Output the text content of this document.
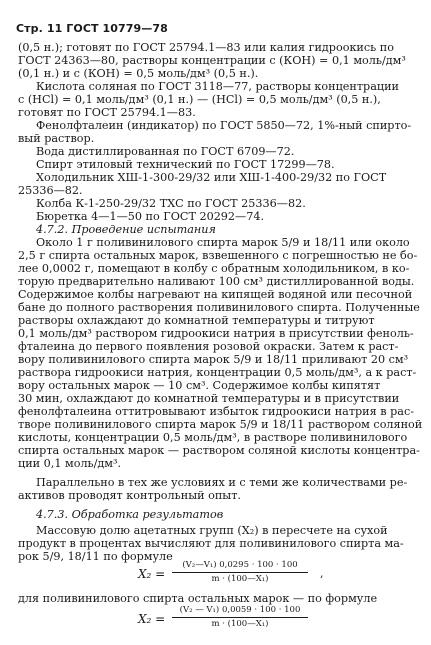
Стр. 11 ГОСТ 10779—78
(0,5 н.); готовят по ГОСТ 25794.1—83 или калия гидроокись по
ГОСТ 24363—80, растворы концентрации c (КОН) = 0,1 моль/дм³
(0,1 н.) и c (КОН) = 0,5 моль/дм³ (0,5 н.).
Кислота соляная по ГОСТ 3118—77, растворы концентрации
c (HCl) = 0,1 моль/дм³ (0,1 н.) — (HCl) = 0,5 моль/дм³ (0,5 н.),
готовят по ГОСТ 25794.1—83.
Фенолфталеин (индикатор) по ГОСТ 5850—72, 1%-ный спирто-
вый раствор.
Вода дистиллированная по ГОСТ 6709—72.
Спирт этиловый технический по ГОСТ 17299—78.
Холодильник ХШ-1-300-29/32 или ХШ-1-400-29/32 по ГОСТ
25336—82.
Колба К-1-250-29/32 ТХС по ГОСТ 25336—82.
Бюретка 4—1—50 по ГОСТ 20292—74.
4.7.2. Проведение испытания
Около 1 г поливинилового спирта марок 5/9 и 18/11 или около
2,5 г спирта остальных марок, взвешенного с погрешностью не бо-
лее 0,0002 г, помещают в колбу с обратным холодильником, в ко-
торую предварительно наливают 100 см³ дистиллированной воды.
Содержимое колбы нагревают на кипящей водяной или песочной
бане до полного растворения поливинилового спирта. Полученные
растворы охлаждают до комнатной температуры и титруют
0,1 моль/дм³ раствором гидроокиси натрия в присутствии феноль-
фталеина до первого появления розовой окраски. Затем к раст-
вору поливинилового спирта марок 5/9 и 18/11 приливают 20 см³
раствора гидроокиси натрия, концентрации 0,5 моль/дм³, а к раст-
вору остальных марок — 10 см³. Содержимое колбы кипятят
30 мин, охлаждают до комнатной температуры и в присутствии
фенолфталеина оттитровывают избыток гидроокиси натрия в рас-
творе поливинилового спирта марок 5/9 и 18/11 раствором соляной
кислоты, концентрации 0,5 моль/дм³, в растворе поливинилового
спирта остальных марок — раствором соляной кислоты концентра-
ции 0,1 моль/дм³.
Параллельно в тех же условиях и с теми же количествами ре-
активов проводят контрольный опыт.
4.7.3. Обработка результатов
Массовую долю ацетатных групп (X₂) в пересчете на сухой
продукт в процентах вычисляют для поливинилового спирта ма-
рок 5/9, 18/11 по формуле
X₂ =
(V₂—V₁) 0,0295 · 100 · 100
m · (100—X₁)	,
для поливинилового спирта остальных марок — по формуле
X₂ =
(V₂ — V₁) 0,0059 · 100 · 100
m · (100—X₁)
